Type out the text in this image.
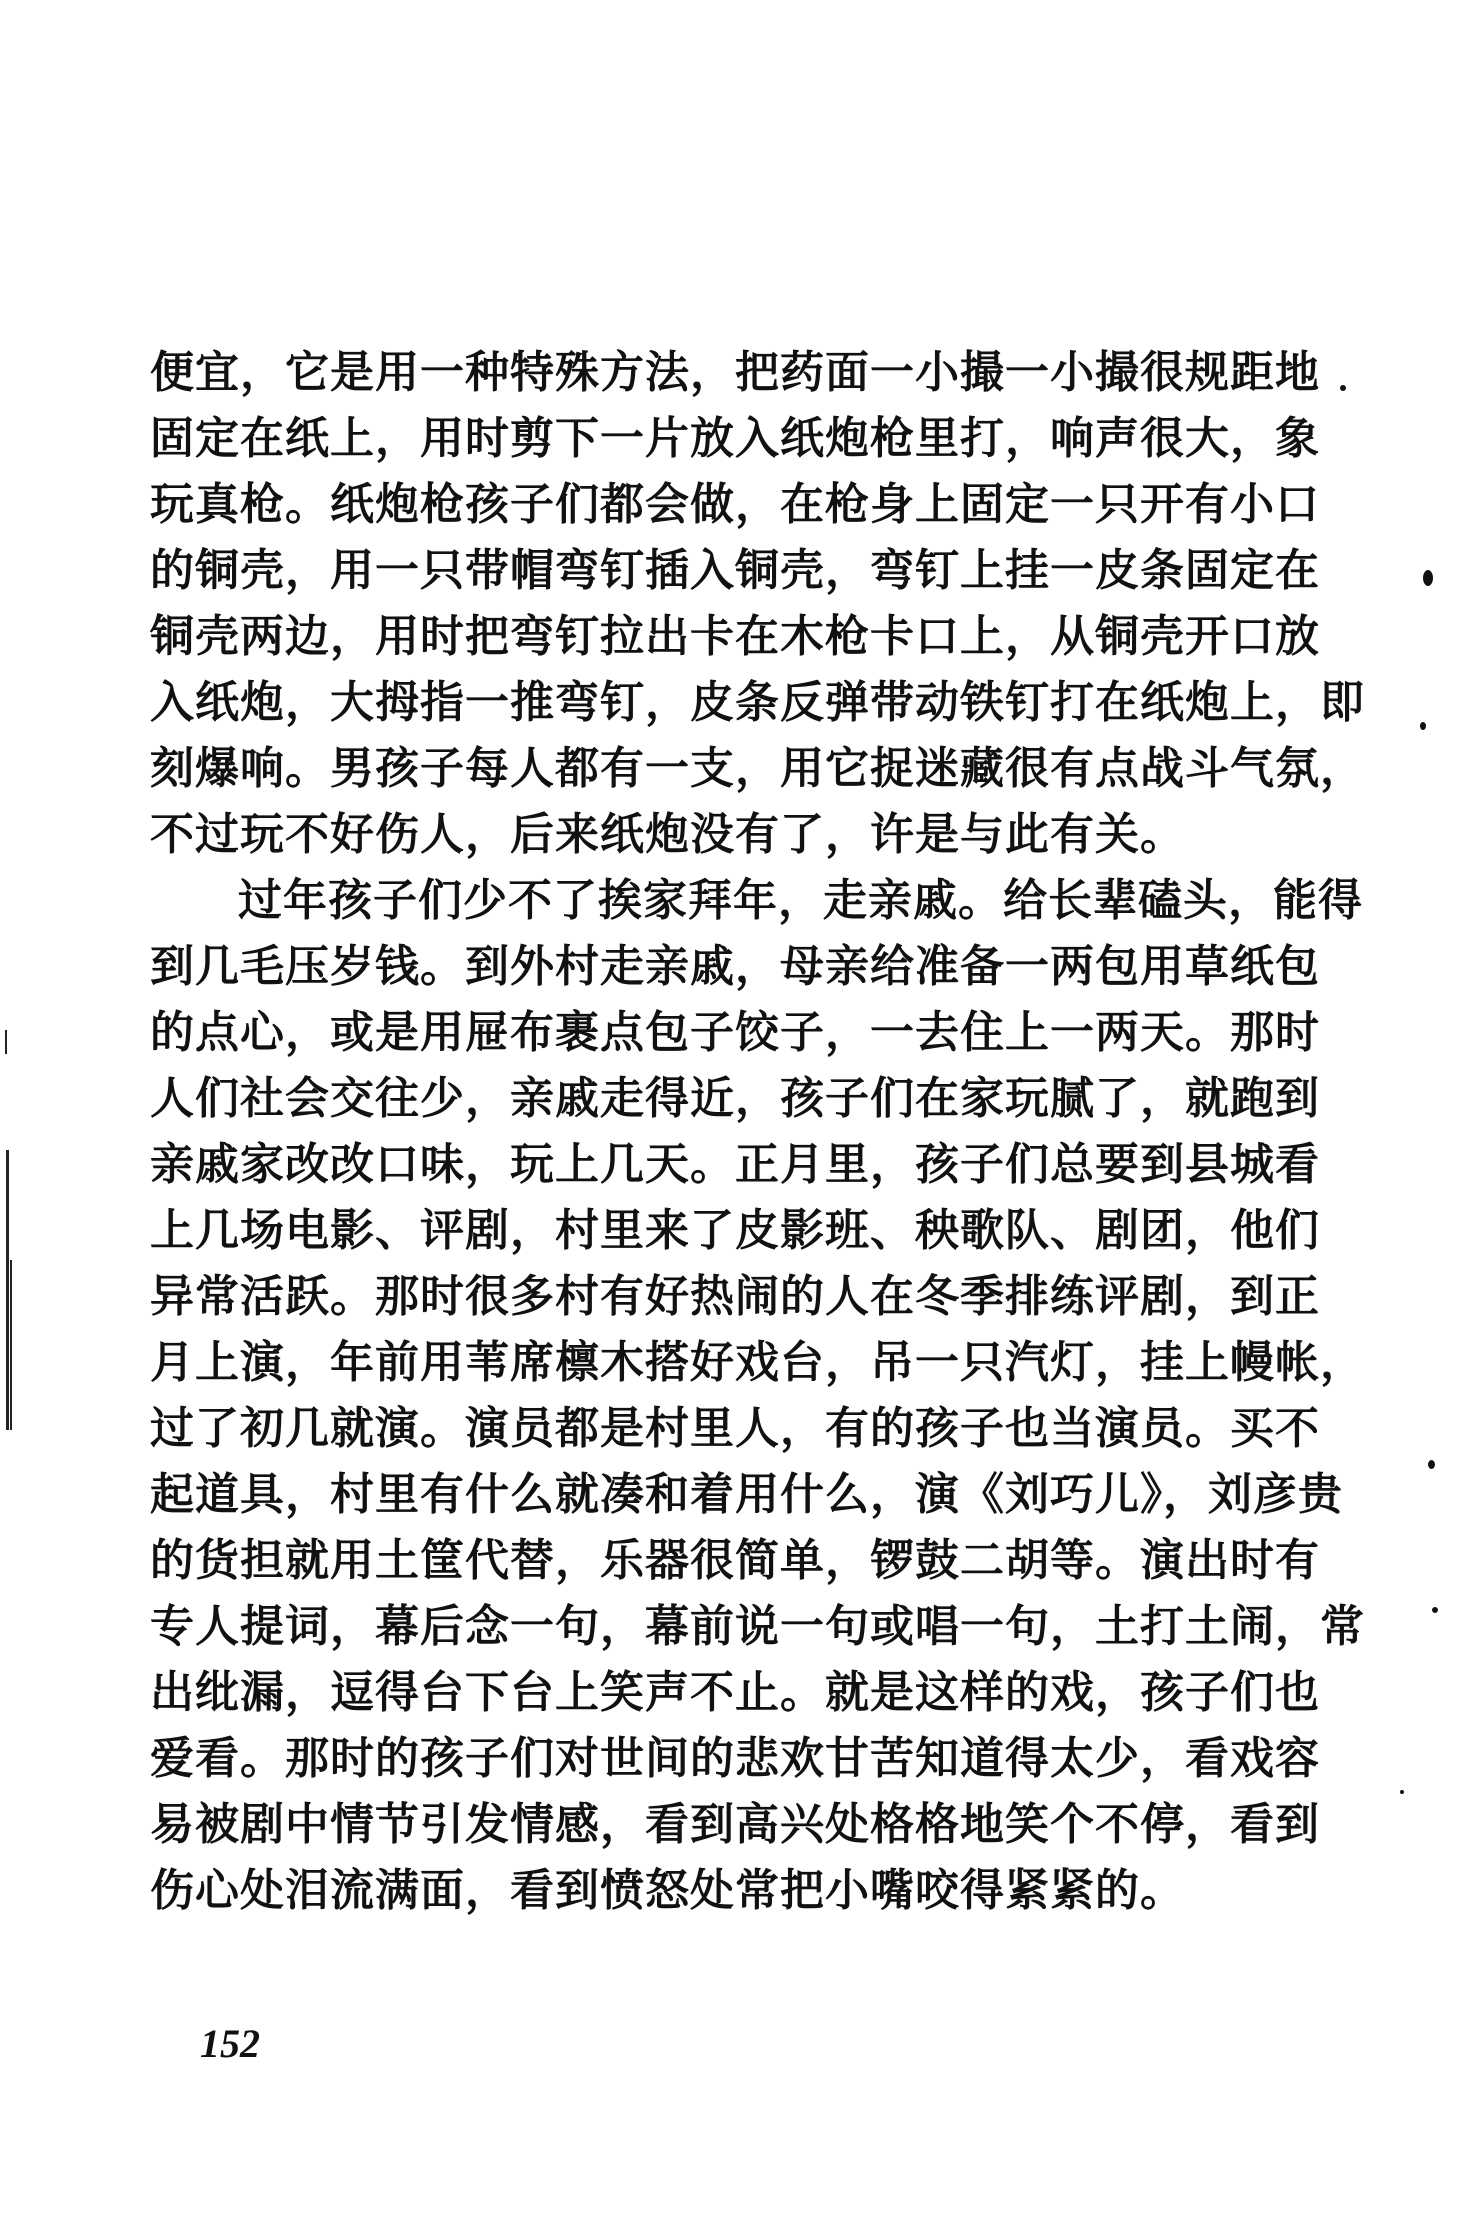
便宜，它是用一种特殊方法，把药面一小撮一小撮很规距地
固定在纸上，用时剪下一片放入纸炮枪里打，响声很大，象
玩真枪。纸炮枪孩子们都会做，在枪身上固定一只开有小口
的铜壳，用一只带帽弯钉插入铜壳，弯钉上挂一皮条固定在
铜壳两边，用时把弯钉拉出卡在木枪卡口上，从铜壳开口放
入纸炮，大拇指一推弯钉，皮条反弹带动铁钉打在纸炮上，即
刻爆响。男孩子每人都有一支，用它捉迷藏很有点战斗气氛，
不过玩不好伤人，后来纸炮没有了，许是与此有关。
过年孩子们少不了挨家拜年，走亲戚。给长辈磕头，能得
到几毛压岁钱。到外村走亲戚，母亲给准备一两包用草纸包
的点心，或是用屉布裹点包子饺子，一去住上一两天。那时
人们社会交往少，亲戚走得近，孩子们在家玩腻了，就跑到
亲戚家改改口味，玩上几天。正月里，孩子们总要到县城看
上几场电影、评剧，村里来了皮影班、秧歌队、剧团，他们
异常活跃。那时很多村有好热闹的人在冬季排练评剧，到正
月上演，年前用苇席檩木搭好戏台，吊一只汽灯，挂上幔帐，
过了初几就演。演员都是村里人，有的孩子也当演员。买不
起道具，村里有什么就凑和着用什么，演《刘巧儿》，刘彦贵
的货担就用土筐代替，乐器很简单，锣鼓二胡等。演出时有
专人提词，幕后念一句，幕前说一句或唱一句，土打土闹，常
出纰漏，逗得台下台上笑声不止。就是这样的戏，孩子们也
爱看。那时的孩子们对世间的悲欢甘苦知道得太少，看戏容
易被剧中情节引发情感，看到高兴处格格地笑个不停，看到
伤心处泪流满面，看到愤怒处常把小嘴咬得紧紧的。
152
